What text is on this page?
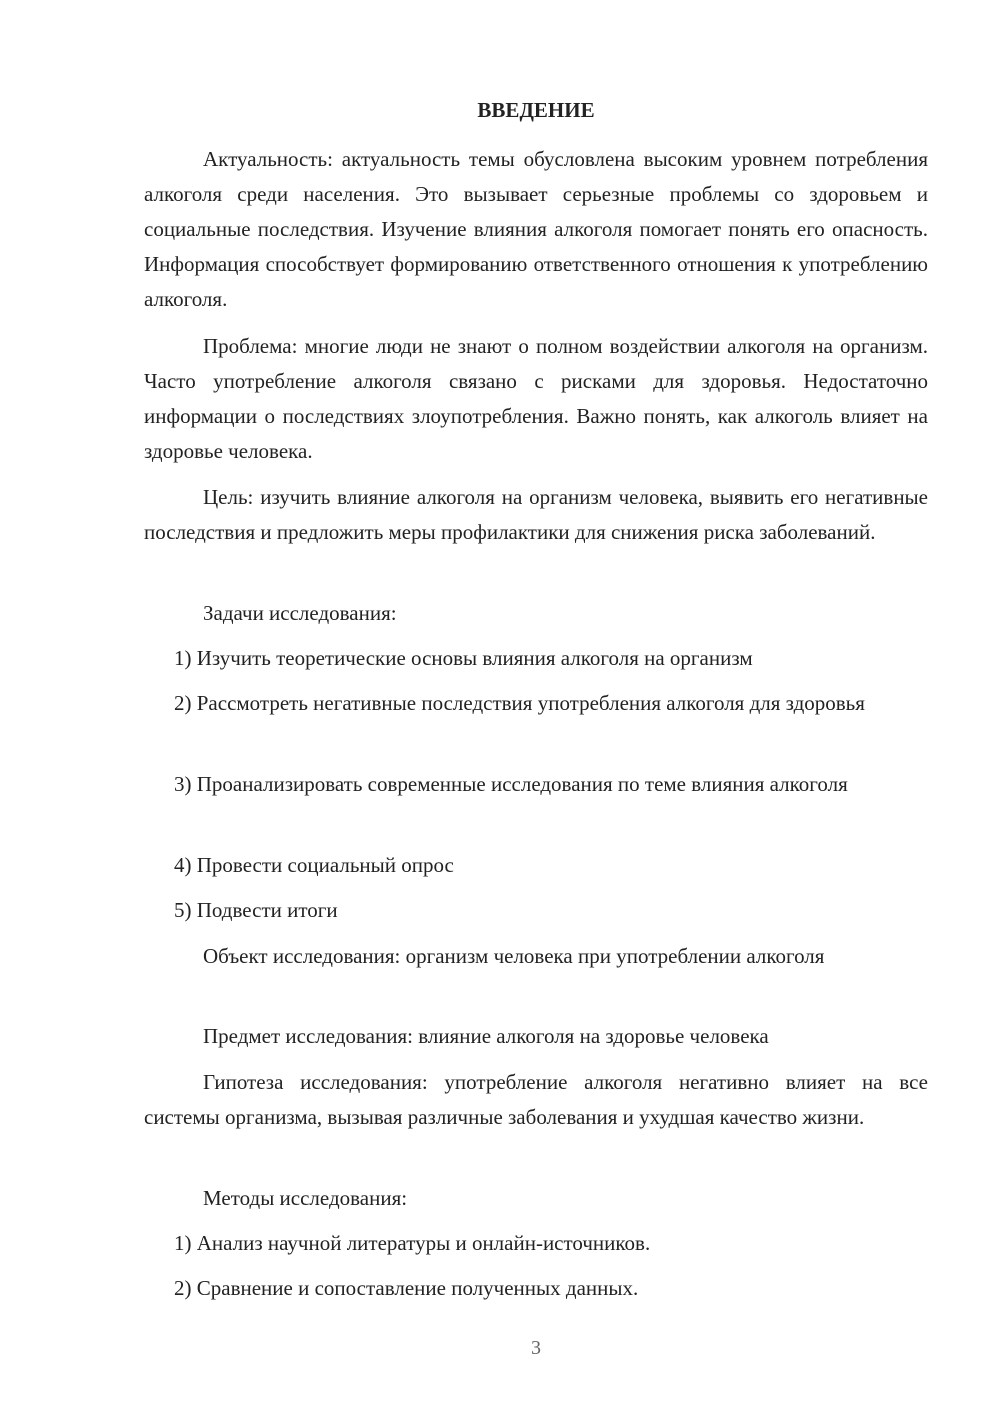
ВВЕДЕНИЕ
Актуальность: актуальность темы обусловлена высоким уровнем потребления алкоголя среди населения. Это вызывает серьезные проблемы со здоровьем и социальные последствия. Изучение влияния алкоголя помогает понять его опасность. Информация способствует формированию ответственного отношения к употреблению алкоголя.
Проблема: многие люди не знают о полном воздействии алкоголя на организм. Часто употребление алкоголя связано с рисками для здоровья. Недостаточно информации о последствиях злоупотребления. Важно понять, как алкоголь влияет на здоровье человека.
Цель: изучить влияние алкоголя на организм человека, выявить его негативные последствия и предложить меры профилактики для снижения риска заболеваний.
Задачи исследования:
1) Изучить теоретические основы влияния алкоголя на организм
2) Рассмотреть негативные последствия употребления алкоголя для здоровья
3) Проанализировать современные исследования по теме влияния алкоголя
4) Провести социальный опрос
5) Подвести итоги
Объект исследования: организм человека при употреблении алкоголя
Предмет исследования: влияние алкоголя на здоровье человека
Гипотеза исследования: употребление алкоголя негативно влияет на все системы организма, вызывая различные заболевания и ухудшая качество жизни.
Методы исследования:
1) Анализ научной литературы и онлайн-источников.
2) Сравнение и сопоставление полученных данных.
3
